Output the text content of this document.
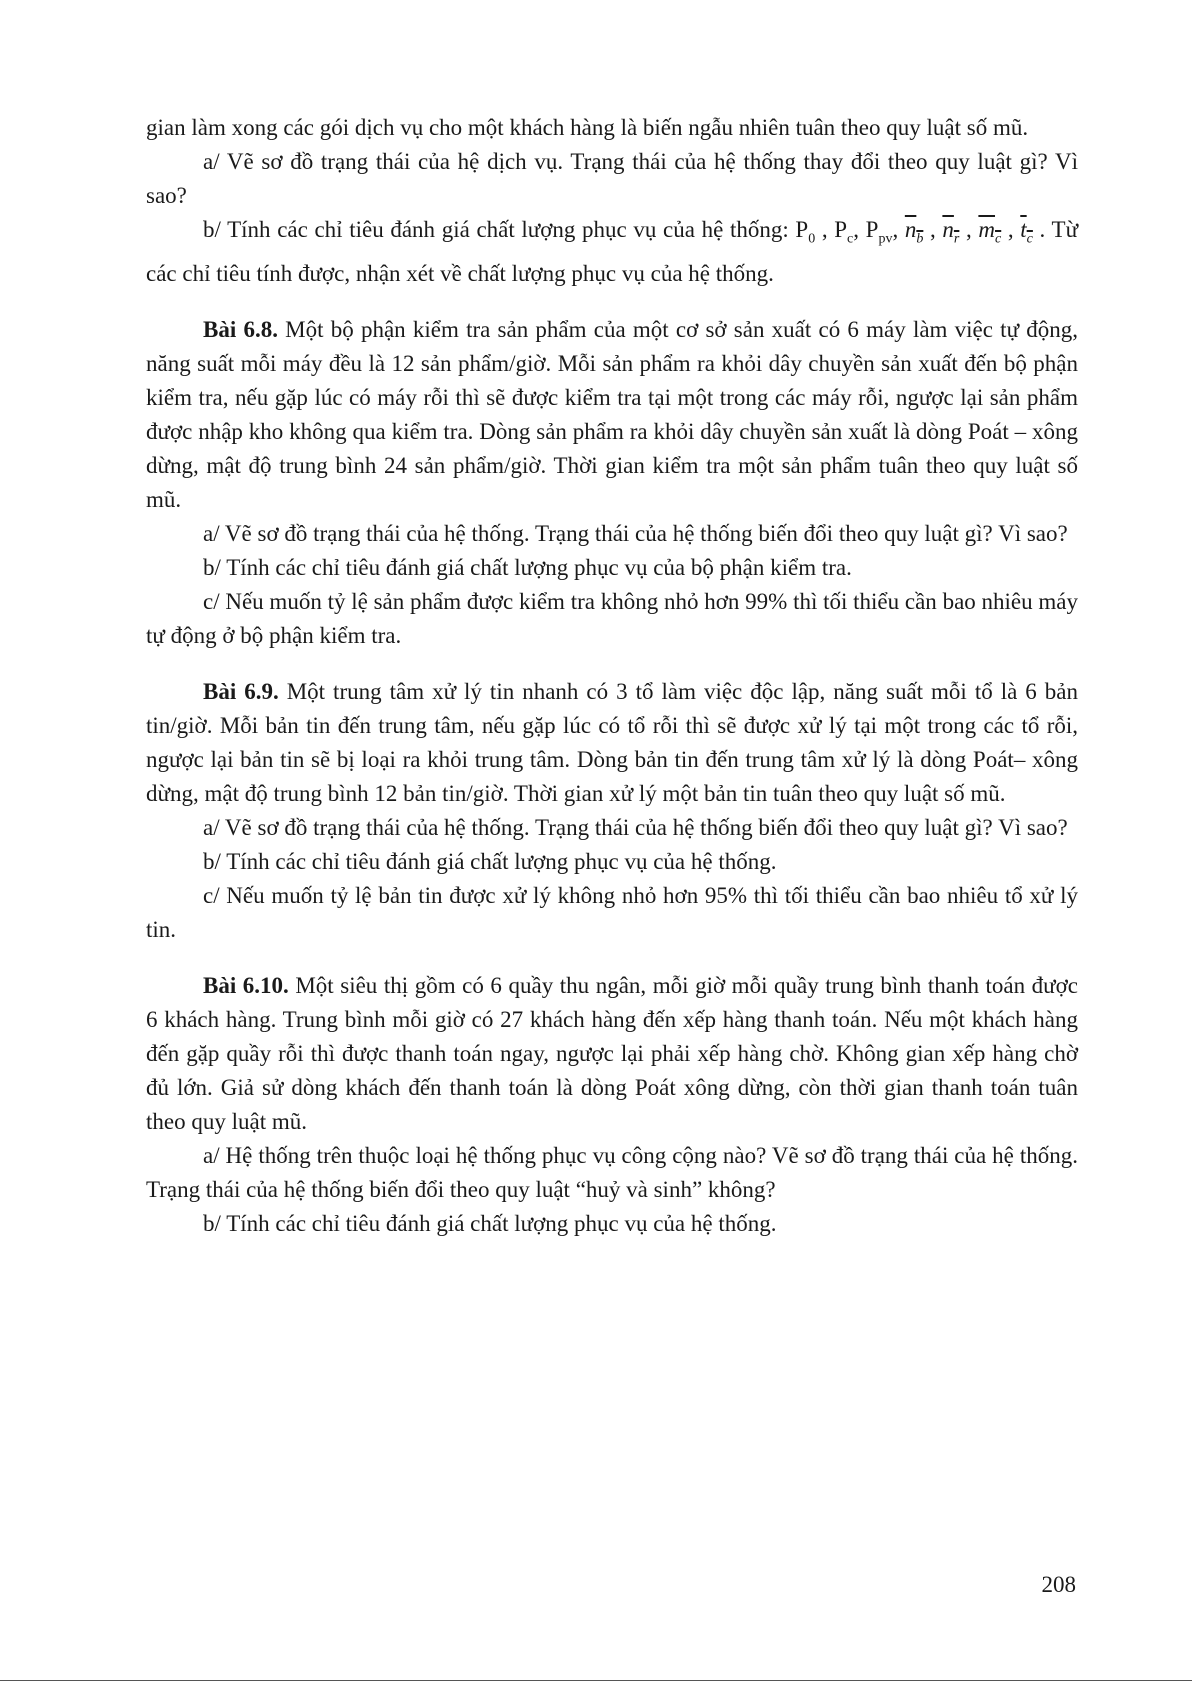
gian làm xong các gói dịch vụ cho một khách hàng là biến ngẫu nhiên tuân theo quy luật số mũ.

a/ Vẽ sơ đồ trạng thái của hệ dịch vụ. Trạng thái của hệ thống thay đổi theo quy luật gì? Vì sao?

b/ Tính các chỉ tiêu đánh giá chất lượng phục vụ của hệ thống: $P_0$ , $P_c$, $P_{pv}$, $n_b$ , $n_r$ , $m_c$ , $t_c$ . Từ các chỉ tiêu tính được, nhận xét về chất lượng phục vụ của hệ thống.

Bài 6.8. Một bộ phận kiểm tra sản phẩm của một cơ sở sản xuất có 6 máy làm việc tự động, năng suất mỗi máy đều là 12 sản phẩm/giờ. Mỗi sản phẩm ra khỏi dây chuyền sản xuất đến bộ phận kiểm tra, nếu gặp lúc có máy rỗi thì sẽ được kiểm tra tại một trong các máy rỗi, ngược lại sản phẩm được nhập kho không qua kiểm tra. Dòng sản phẩm ra khỏi dây chuyền sản xuất là dòng Poát – xông dừng, mật độ trung bình 24 sản phẩm/giờ. Thời gian kiểm tra một sản phẩm tuân theo quy luật số mũ.

a/ Vẽ sơ đồ trạng thái của hệ thống. Trạng thái của hệ thống biến đổi theo quy luật gì? Vì sao?

b/ Tính các chỉ tiêu đánh giá chất lượng phục vụ của bộ phận kiểm tra.

c/ Nếu muốn tỷ lệ sản phẩm được kiểm tra không nhỏ hơn 99% thì tối thiểu cần bao nhiêu máy tự động ở bộ phận kiểm tra.

Bài 6.9. Một trung tâm xử lý tin nhanh có 3 tổ làm việc độc lập, năng suất mỗi tổ là 6 bản tin/giờ. Mỗi bản tin đến trung tâm, nếu gặp lúc có tổ rỗi thì sẽ được xử lý tại một trong các tổ rỗi, ngược lại bản tin sẽ bị loại ra khỏi trung tâm. Dòng bản tin đến trung tâm xử lý là dòng Poát– xông dừng, mật độ trung bình 12 bản tin/giờ. Thời gian xử lý một bản tin tuân theo quy luật số mũ.

a/ Vẽ sơ đồ trạng thái của hệ thống. Trạng thái của hệ thống biến đổi theo quy luật gì? Vì sao?

b/ Tính các chỉ tiêu đánh giá chất lượng phục vụ của hệ thống.

c/ Nếu muốn tỷ lệ bản tin được xử lý không nhỏ hơn 95% thì tối thiểu cần bao nhiêu tổ xử lý tin.

Bài 6.10. Một siêu thị gồm có 6 quầy thu ngân, mỗi giờ mỗi quầy trung bình thanh toán được 6 khách hàng. Trung bình mỗi giờ có 27 khách hàng đến xếp hàng thanh toán. Nếu một khách hàng đến gặp quầy rỗi thì được thanh toán ngay, ngược lại phải xếp hàng chờ. Không gian xếp hàng chờ đủ lớn. Giả sử dòng khách đến thanh toán là dòng Poát xông dừng, còn thời gian thanh toán tuân theo quy luật mũ.

a/ Hệ thống trên thuộc loại hệ thống phục vụ công cộng nào? Vẽ sơ đồ trạng thái của hệ thống. Trạng thái của hệ thống biến đổi theo quy luật “huỷ và sinh” không?

b/ Tính các chỉ tiêu đánh giá chất lượng phục vụ của hệ thống.

208
